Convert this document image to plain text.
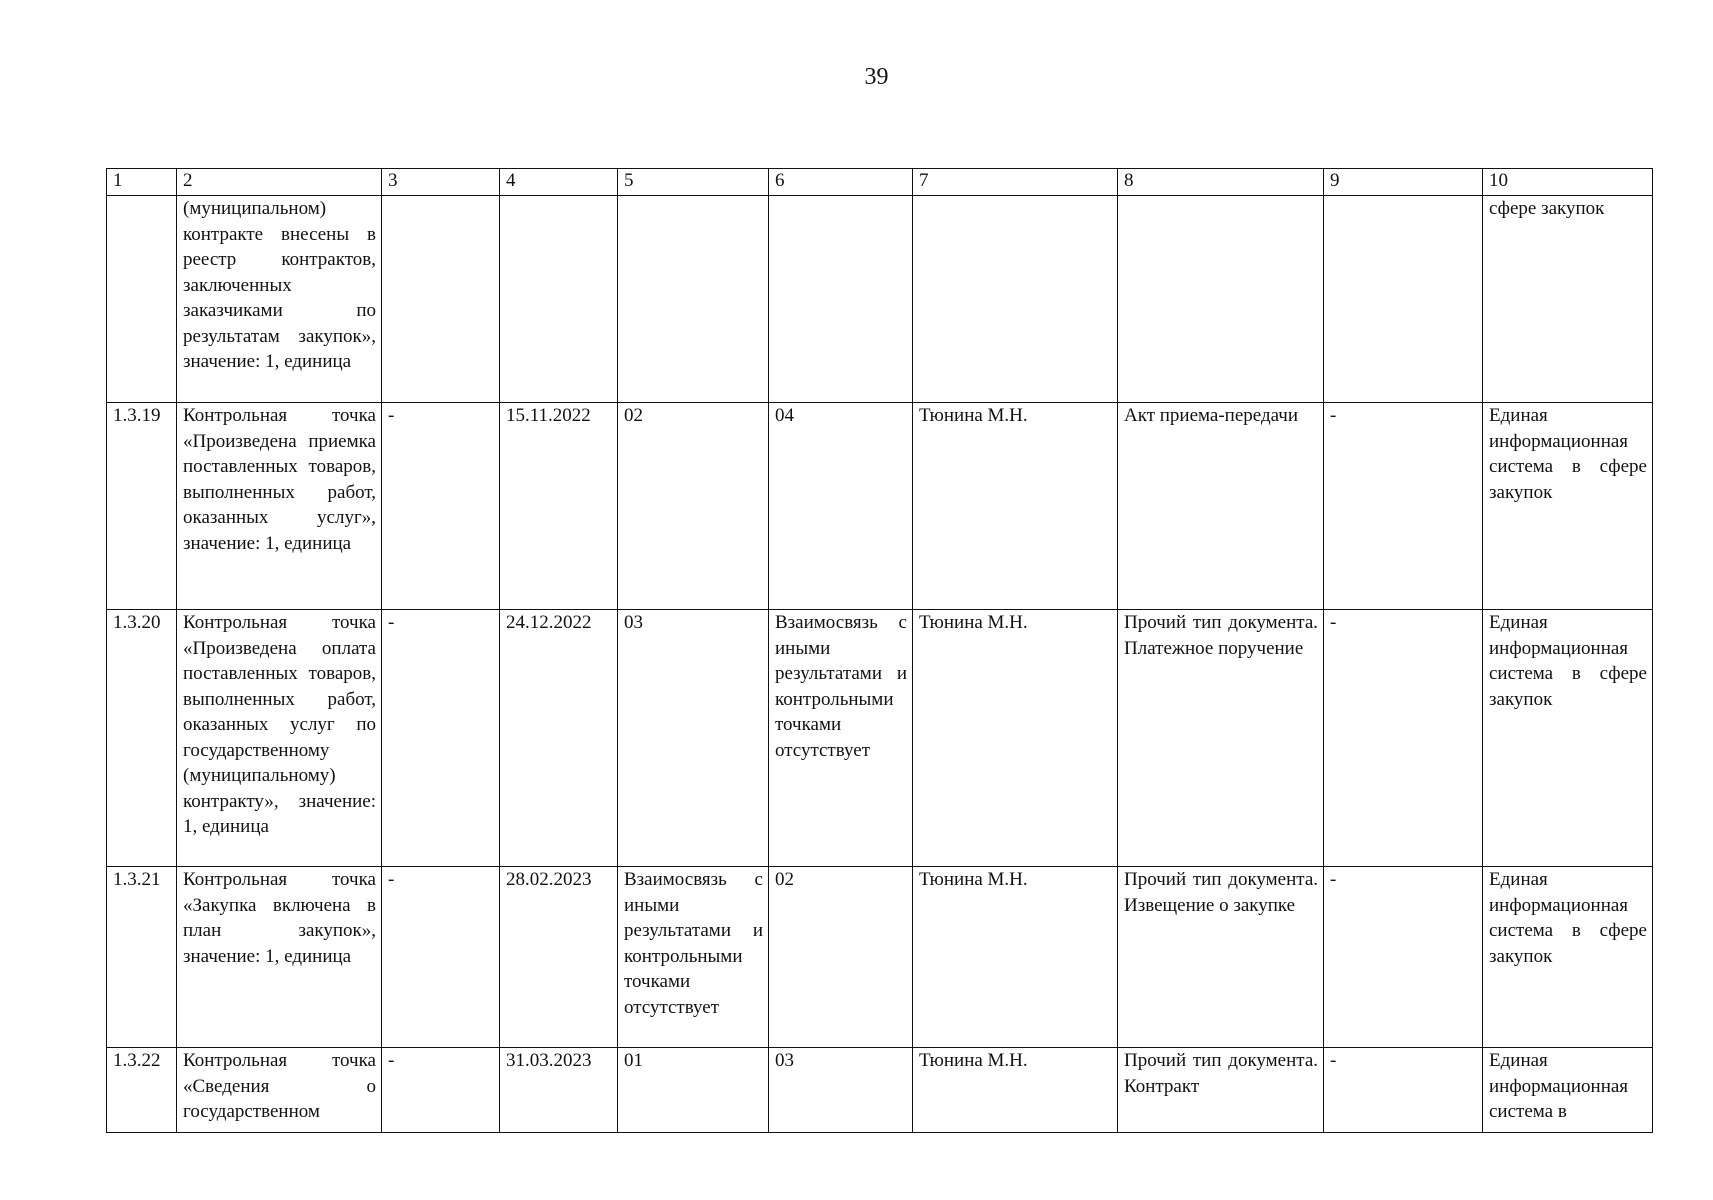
39
1	2	3	4	5	6	7	8	9	10
	(муниципальном) контракте внесены в реестр контрактов, заключенных заказчиками по результатам закупок», значение: 1, единица								сфере закупок
1.3.19	Контрольная точка «Произведена приемка поставленных товаров, выполненных работ, оказанных услуг», значение: 1, единица	-	15.11.2022	02	04	Тюнина М.Н.	Акт приема-передачи	-	Единая информационная система в сфере закупок
1.3.20	Контрольная точка «Произведена оплата поставленных товаров, выполненных работ, оказанных услуг по государственному (муниципальному) контракту», значение: 1, единица	-	24.12.2022	03	Взаимосвязь с иными результатами и контрольными точками отсутствует	Тюнина М.Н.	Прочий тип документа. Платежное поручение	-	Единая информационная система в сфере закупок
1.3.21	Контрольная точка «Закупка включена в план закупок», значение: 1, единица	-	28.02.2023	Взаимосвязь с иными результатами и контрольными точками отсутствует	02	Тюнина М.Н.	Прочий тип документа. Извещение о закупке	-	Единая информационная система в сфере закупок
1.3.22	Контрольная точка «Сведения о государственном	-	31.03.2023	01	03	Тюнина М.Н.	Прочий тип документа. Контракт	-	Единая информационная система в
